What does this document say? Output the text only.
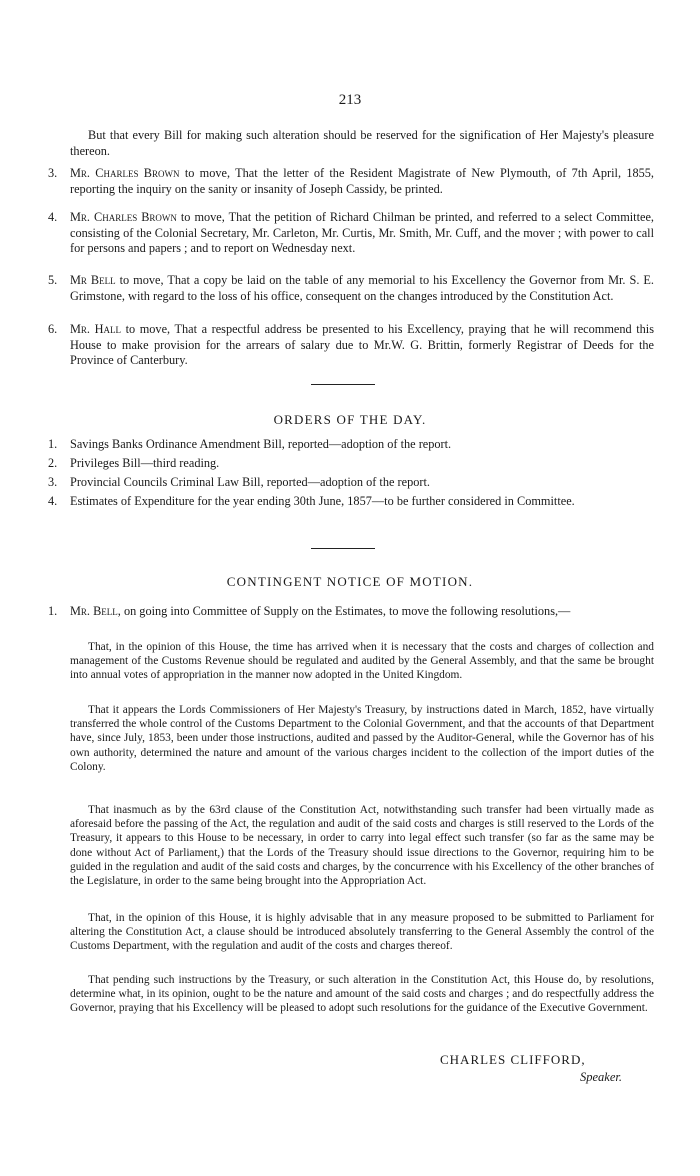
213
But that every Bill for making such alteration should be reserved for the signification of Her Majesty's pleasure thereon.
3.	Mr. Charles Brown to move, That the letter of the Resident Magistrate of New Plymouth, of 7th April, 1855, reporting the inquiry on the sanity or insanity of Joseph Cassidy, be printed.
4.	Mr. Charles Brown to move, That the petition of Richard Chilman be printed, and referred to a select Committee, consisting of the Colonial Secretary, Mr. Carleton, Mr. Curtis, Mr. Smith, Mr. Cuff, and the mover ; with power to call for persons and papers ; and to report on Wednesday next.
5.	Mr Bell to move, That a copy be laid on the table of any memorial to his Excellency the Governor from Mr. S. E. Grimstone, with regard to the loss of his office, consequent on the changes introduced by the Constitution Act.
6.	Mr. Hall to move, That a respectful address be presented to his Excellency, praying that he will recommend this House to make provision for the arrears of salary due to Mr.W. G. Brittin, formerly Registrar of Deeds for the Province of Canterbury.
ORDERS OF THE DAY.
1.	Savings Banks Ordinance Amendment Bill, reported—adoption of the report.
2.	Privileges Bill—third reading.
3.	Provincial Councils Criminal Law Bill, reported—adoption of the report.
4.	Estimates of Expenditure for the year ending 30th June, 1857—to be further considered in Committee.
CONTINGENT NOTICE OF MOTION.
1.	Mr. Bell, on going into Committee of Supply on the Estimates, to move the following resolutions,—
That, in the opinion of this House, the time has arrived when it is necessary that the costs and charges of collection and management of the Customs Revenue should be regulated and audited by the General Assembly, and that the same be brought into annual votes of appropriation in the manner now adopted in the United Kingdom.
That it appears the Lords Commissioners of Her Majesty's Treasury, by instructions dated in March, 1852, have virtually transferred the whole control of the Customs Department to the Colonial Government, and that the accounts of that Department have, since July, 1853, been under those instructions, audited and passed by the Auditor-General, while the Governor has of his own authority, determined the nature and amount of the various charges incident to the collection of the import duties of the Colony.
That inasmuch as by the 63rd clause of the Constitution Act, notwithstanding such transfer had been virtually made as aforesaid before the passing of the Act, the regulation and audit of the said costs and charges is still reserved to the Lords of the Treasury, it appears to this House to be necessary, in order to carry into legal effect such transfer (so far as the same may be done without Act of Parliament,) that the Lords of the Treasury should issue directions to the Governor, requiring him to be guided in the regulation and audit of the said costs and charges, by the concurrence with his Excellency of the other branches of the Legislature, in order to the same being brought into the Appropriation Act.
That, in the opinion of this House, it is highly advisable that in any measure proposed to be submitted to Parliament for altering the Constitution Act, a clause should be introduced absolutely transferring to the General Assembly the control of the Customs Department, with the regulation and audit of the costs and charges thereof.
That pending such instructions by the Treasury, or such alteration in the Constitution Act, this House do, by resolutions, determine what, in its opinion, ought to be the nature and amount of the said costs and charges ; and do respectfully address the Governor, praying that his Excellency will be pleased to adopt such resolutions for the guidance of the Executive Government.
CHARLES CLIFFORD,
Speaker.
